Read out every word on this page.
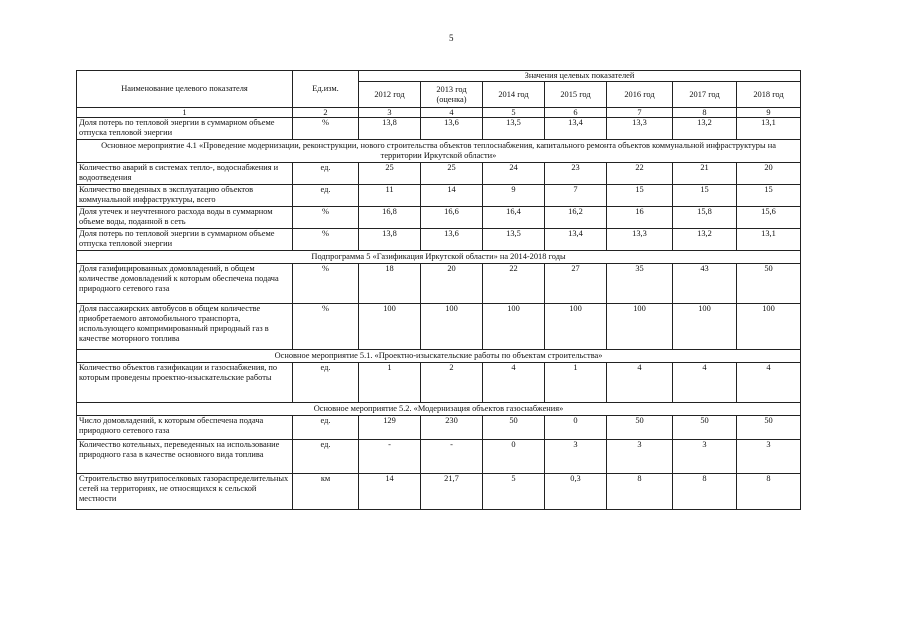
5
Наименование целевого показателя	Ед.изм.	Значения целевых показателей						
		2012 год	2013 год (оценка)	2014 год	2015 год	2016 год	2017 год	2018 год
1	2	3	4	5	6	7	8	9
Доля потерь по тепловой энергии в суммарном объеме отпуска тепловой энергии	%	13,8	13,6	13,5	13,4	13,3	13,2	13,1
Основное мероприятие 4.1 «Проведение модернизации, реконструкции, нового строительства объектов теплоснабжения, капитального ремонта объектов коммунальной инфраструктуры на территории Иркутской области»								
Количество аварий в системах тепло-, водоснабжения и водоотведения	ед.	25	25	24	23	22	21	20
Количество введенных в эксплуатацию объектов коммунальной инфраструктуры, всего	ед.	11	14	9	7	15	15	15
Доля утечек и неучтенного расхода воды в суммарном объеме воды, поданной в сеть	%	16,8	16,6	16,4	16,2	16	15,8	15,6
Доля потерь по тепловой энергии в суммарном объеме отпуска тепловой энергии	%	13,8	13,6	13,5	13,4	13,3	13,2	13,1
Подпрограмма 5 «Газификация Иркутской области» на 2014-2018 годы								
Доля газифицированных домовладений, в общем количестве домовладений к которым обеспечена подача природного сетевого газа	%	18	20	22	27	35	43	50
Доля пассажирских автобусов в общем количестве приобретаемого автомобильного транспорта, использующего компримированный природный газ в качестве моторного топлива	%	100	100	100	100	100	100	100
Основное мероприятие 5.1. «Проектно-изыскательские работы по объектам строительства»								
Количество объектов газификации и газоснабжения, по которым проведены проектно-изыскательские работы	ед.	1	2	4	1	4	4	4
Основное мероприятие 5.2. «Модернизация объектов газоснабжения»								
Число домовладений, к которым обеспечена подача природного сетевого газа	ед.	129	230	50	0	50	50	50
Количество котельных, переведенных на использование природного газа в качестве основного вида топлива	ед.	-	-	0	3	3	3	3
Строительство внутрипоселковых газораспределительных сетей на территориях, не относящихся к сельской местности	км	14	21,7	5	0,3	8	8	8
